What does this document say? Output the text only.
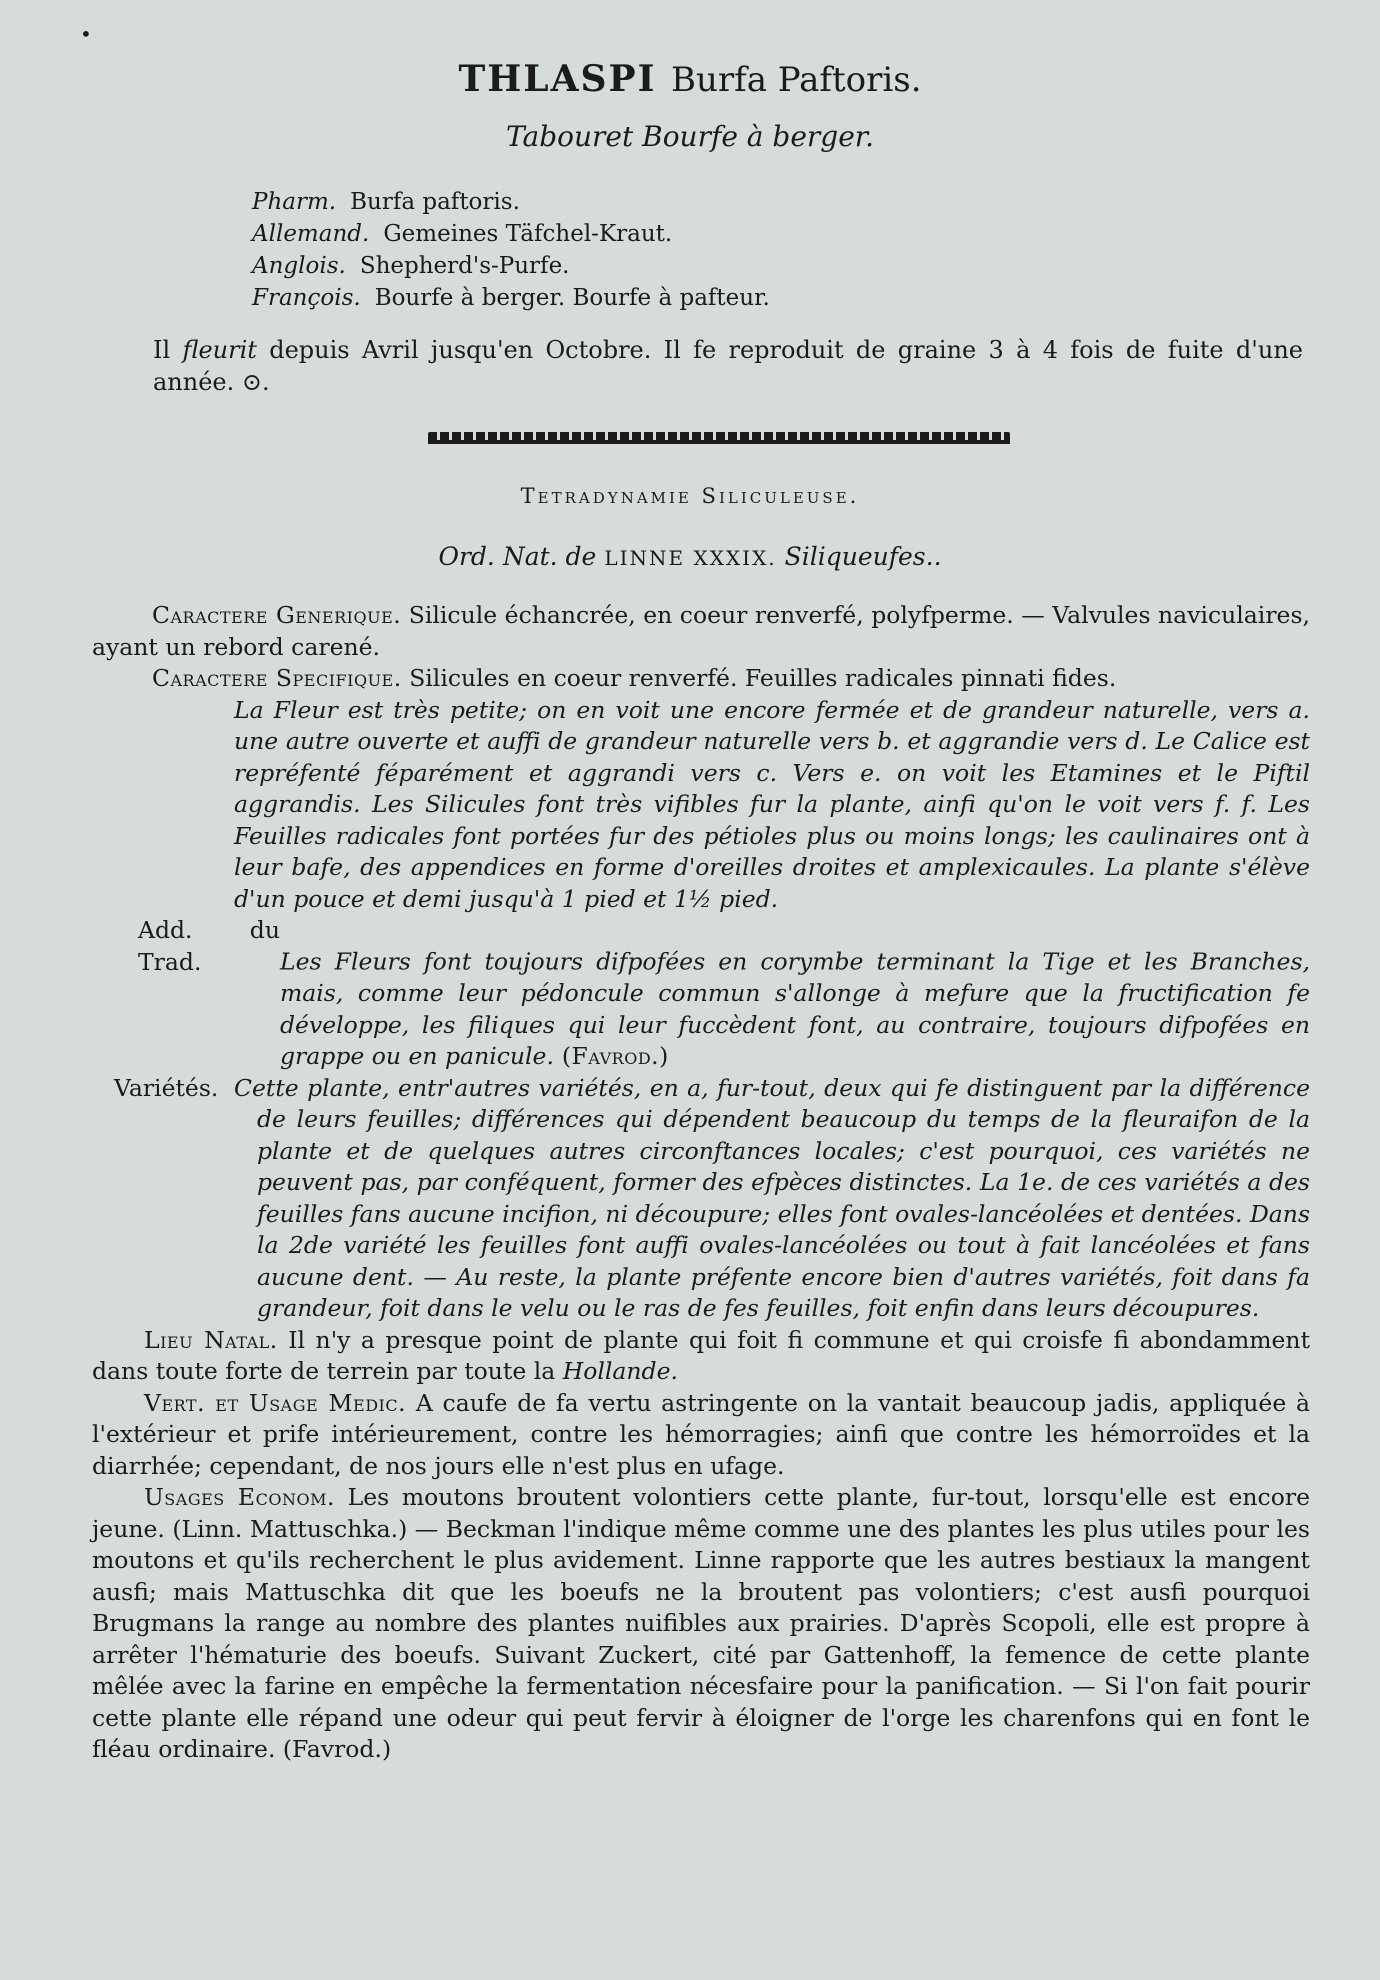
•
THLASPI Burfa Paftoris.
Tabouret Bourfe à berger.
Pharm. Burfa paftoris.
Allemand. Gemeines Täfchel-Kraut.
Anglois. Shepherd's-Purfe.
François. Bourfe à berger. Bourfe à pafteur.
Il fleurit depuis Avril jusqu'en Octobre. Il fe reproduit de graine 3 à 4 fois de fuite d'une année. ⊙.
Tetradynamie Siliculeuse.
Ord. Nat. de LINNE XXXIX. Siliqueufes..

Caractere Generique. Silicule échancrée, en coeur renverfé, polyfperme. — Valvules naviculaires, ayant un rebord carené.

Caractere Specifique. Silicules en coeur renverfé. Feuilles radicales pinnati fides.

La Fleur est très petite; on en voit une encore fermée et de grandeur naturelle, vers a. une autre ouverte et auffi de grandeur naturelle vers b. et aggrandie vers d. Le Calice est repréfenté féparément et aggrandi vers c. Vers e. on voit les Etamines et le Piftil aggrandis. Les Silicules font très vifibles fur la plante, ainfi qu'on le voit vers f. f. Les Feuilles radicales font portées fur des pétioles plus ou moins longs; les caulinaires ont à leur bafe, des appendices en forme d'oreilles droites et amplexicaules. La plante s'élève d'un pouce et demi jusqu'à 1 pied et 1½ pied.

Add. du Trad.	Les Fleurs font toujours difpofées en corymbe terminant la Tige et les Branches, mais, comme leur pédoncule commun s'allonge à mefure que la fructification fe développe, les filiques qui leur fuccèdent font, au contraire, toujours difpofées en grappe ou en panicule. (Favrod.)

Variétés. Cette plante, entr'autres variétés, en a, fur-tout, deux qui fe distinguent par la différence de leurs feuilles; différences qui dépendent beaucoup du temps de la fleuraifon de la plante et de quelques autres circonftances locales; c'est pourquoi, ces variétés ne peuvent pas, par conféquent, former des efpèces distinctes. La 1e. de ces variétés a des feuilles fans aucune incifion, ni découpure; elles font ovales-lancéolées et dentées. Dans la 2de variété les feuilles font auffi ovales-lancéolées ou tout à fait lancéolées et fans aucune dent. — Au reste, la plante préfente encore bien d'autres variétés, foit dans fa grandeur, foit dans le velu ou le ras de fes feuilles, foit enfin dans leurs découpures.

Lieu Natal. Il n'y a presque point de plante qui foit fi commune et qui croisfe fi abondamment dans toute forte de terrein par toute la Hollande.

Vert. et Usage Medic. A caufe de fa vertu astringente on la vantait beaucoup jadis, appliquée à l'extérieur et prife intérieurement, contre les hémorragies; ainfi que contre les hémorroïdes et la diarrhée; cependant, de nos jours elle n'est plus en ufage.

Usages Econom. Les moutons broutent volontiers cette plante, fur-tout, lorsqu'elle est encore jeune. (Linn. Mattuschka.) — Beckman l'indique même comme une des plantes les plus utiles pour les moutons et qu'ils recherchent le plus avidement. Linne rapporte que les autres bestiaux la mangent ausfi; mais Mattuschka dit que les boeufs ne la broutent pas volontiers; c'est ausfi pourquoi Brugmans la range au nombre des plantes nuifibles aux prairies. D'après Scopoli, elle est propre à arrêter l'hématurie des boeufs. Suivant Zuckert, cité par Gattenhoff, la femence de cette plante mêlée avec la farine en empêche la fermentation nécesfaire pour la panification. — Si l'on fait pourir cette plante elle répand une odeur qui peut fervir à éloigner de l'orge les charenfons qui en font le fléau ordinaire. (Favrod.)
